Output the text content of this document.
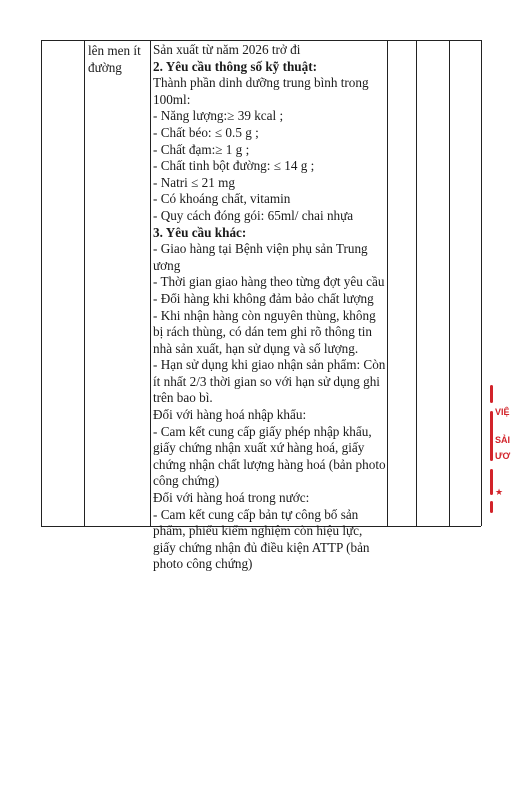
lên men ít
đường
Sản xuất từ năm 2026 trở đi
2. Yêu cầu thông số kỹ thuật:
Thành phần dinh dưỡng trung bình trong
100ml:
- Năng lượng:≥ 39 kcal ;
- Chất béo: ≤ 0.5 g ;
- Chất đạm:≥ 1 g ;
- Chất tinh bột đường: ≤ 14 g ;
- Natri ≤ 21 mg
- Có khoáng chất, vitamin
- Quy cách đóng gói: 65ml/ chai nhựa
3. Yêu cầu khác:
- Giao hàng tại Bệnh viện phụ sản Trung
ương
- Thời gian giao hàng theo từng đợt yêu cầu
- Đổi hàng khi không đảm bảo chất lượng
- Khi nhận hàng còn nguyên thùng, không
bị rách thùng, có dán tem ghi rõ thông tin
nhà sản xuất, hạn sử dụng và số lượng.
- Hạn sử dụng khi giao nhận sản phẩm: Còn
ít nhất 2/3 thời gian so với hạn sử dụng ghi
trên bao bì.
Đối với hàng hoá nhập khẩu:
- Cam kết cung cấp giấy phép nhập khẩu,
giấy chứng nhận xuất xứ hàng hoá, giấy
chứng nhận chất lượng hàng hoá (bản photo
công chứng)
Đối với hàng hoá trong nước:
- Cam kết cung cấp bản tự công bố sản
phẩm, phiếu kiểm nghiệm còn hiệu lực,
giấy chứng nhận đủ điều kiện ATTP (bản
photo công chứng)
VIỆ
SẢI
ƯƠ
★
